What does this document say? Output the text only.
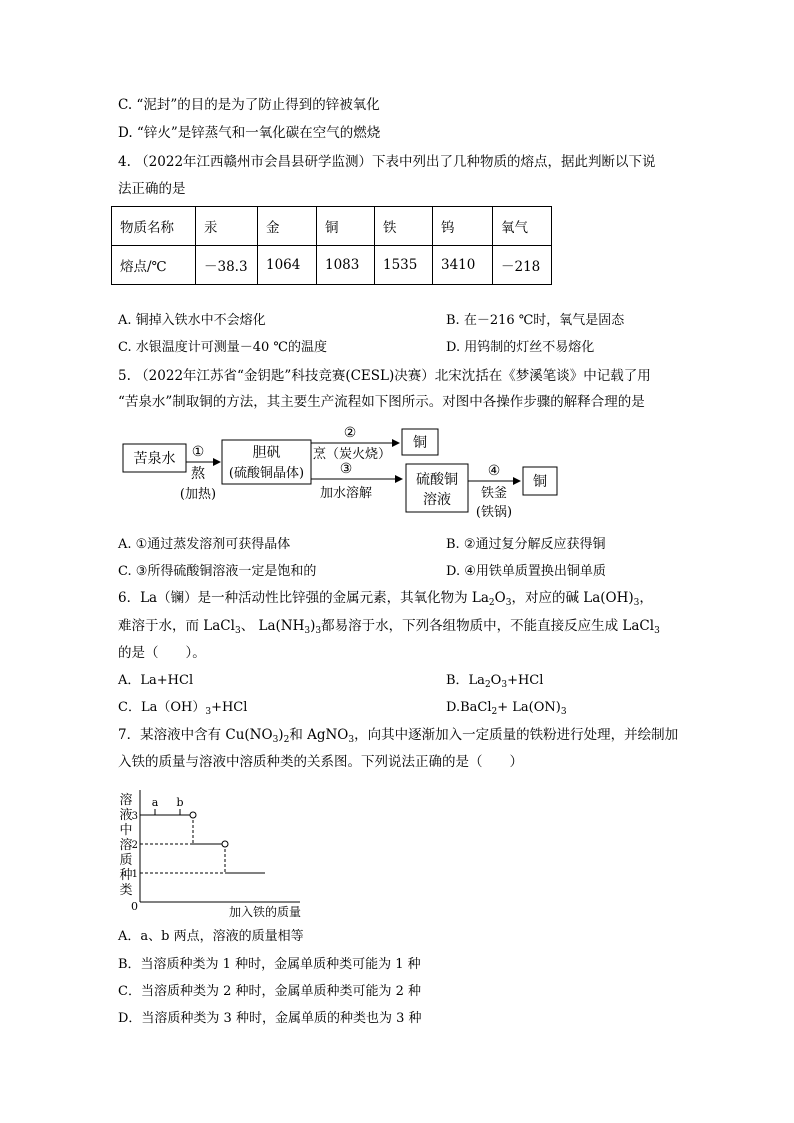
C. “泥封”的目的是为了防止得到的锌被氧化
D. “锌火”是锌蒸气和一氧化碳在空气的燃烧
4. （2022年江西赣州市会昌县研学监测）下表中列出了几种物质的熔点，据此判断以下说
法正确的是
物质名称	汞	金	铜	铁	钨	氧气
熔点/℃	－38.3	1064	1083	1535	3410	－218
A. 铜掉入铁水中不会熔化	B. 在－216 ℃时，氧气是固态
C. 水银温度计可测量－40 ℃的温度	D. 用钨制的灯丝不易熔化
5. （2022年江苏省“金钥匙”科技竞赛(CESL)决赛）北宋沈括在《梦溪笔谈》中记载了用
“苦泉水”制取铜的方法，其主要生产流程如下图所示。对图中各操作步骤的解释合理的是
苦泉水 ①
熬
(加热)
胆矾
(硫酸铜晶体)
②
烹（炭火烧）
铜
③
加水溶解
硫酸铜
溶液
④
铁釜
(铁锅)
铜
A. ①通过蒸发溶剂可获得晶体	B. ②通过复分解反应获得铜
C. ③所得硫酸铜溶液一定是饱和的	D. ④用铁单质置换出铜单质
6．La（镧）是一种活动性比锌强的金属元素，其氧化物为 $La_2O_3$，对应的碱 $La(OH)_3$，
难溶于水，而 LaCl$_3$、 $La(NH_3)_3$都易溶于水，下列各组物质中，不能直接反应生成 LaCl$_3$
的是（　　）。
A．La+HCl	B．$La_2O_3+HCl$
C．$La(OH)_3+HCl$	D.BaCl$_2$+ $La(ON)_3$
7．某溶液中含有 $Cu(NO_3)_2$和 AgNO$_3$，向其中逐渐加入一定质量的铁粉进行处理，并绘制加
入铁的质量与溶液中溶质种类的关系图。下列说法正确的是（　　）
溶
液
中
溶
质
种
类
0	加入铁的质量
3
2
1
a b
A．a、b 两点，溶液的质量相等
B．当溶质种类为 1 种时，金属单质种类可能为 1 种
C．当溶质种类为 2 种时，金属单质种类可能为 2 种
D．当溶质种类为 3 种时，金属单质的种类也为 3 种
